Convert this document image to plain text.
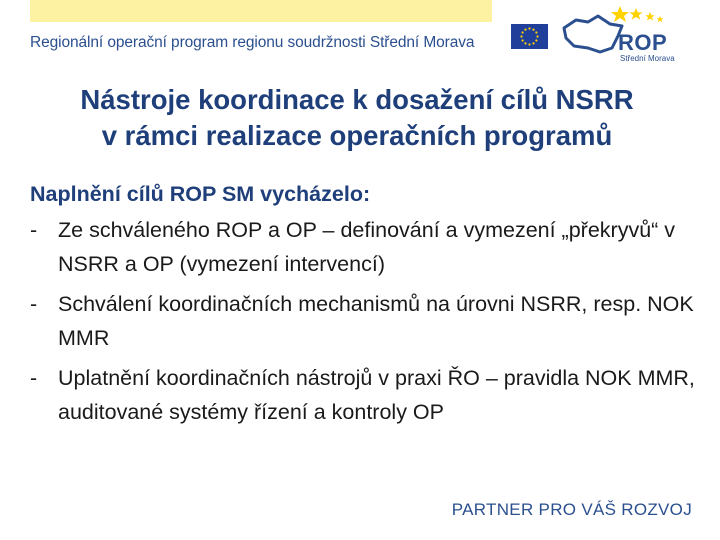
Regionální operační program regionu soudržnosti Střední Morava	ROP
Střední Morava
Nástroje koordinace k dosažení cílů NSRR
v rámci realizace operačních programů
Naplnění cílů ROP SM vycházelo:
- Ze schváleného ROP a OP – definování a vymezení „překryvů“ v NSRR a OP (vymezení intervencí)
- Schválení koordinačních mechanismů na úrovni NSRR, resp. NOK MMR
- Uplatnění koordinačních nástrojů v praxi ŘO – pravidla NOK MMR, auditované systémy řízení a kontroly OP
PARTNER PRO VÁŠ ROZVOJ
